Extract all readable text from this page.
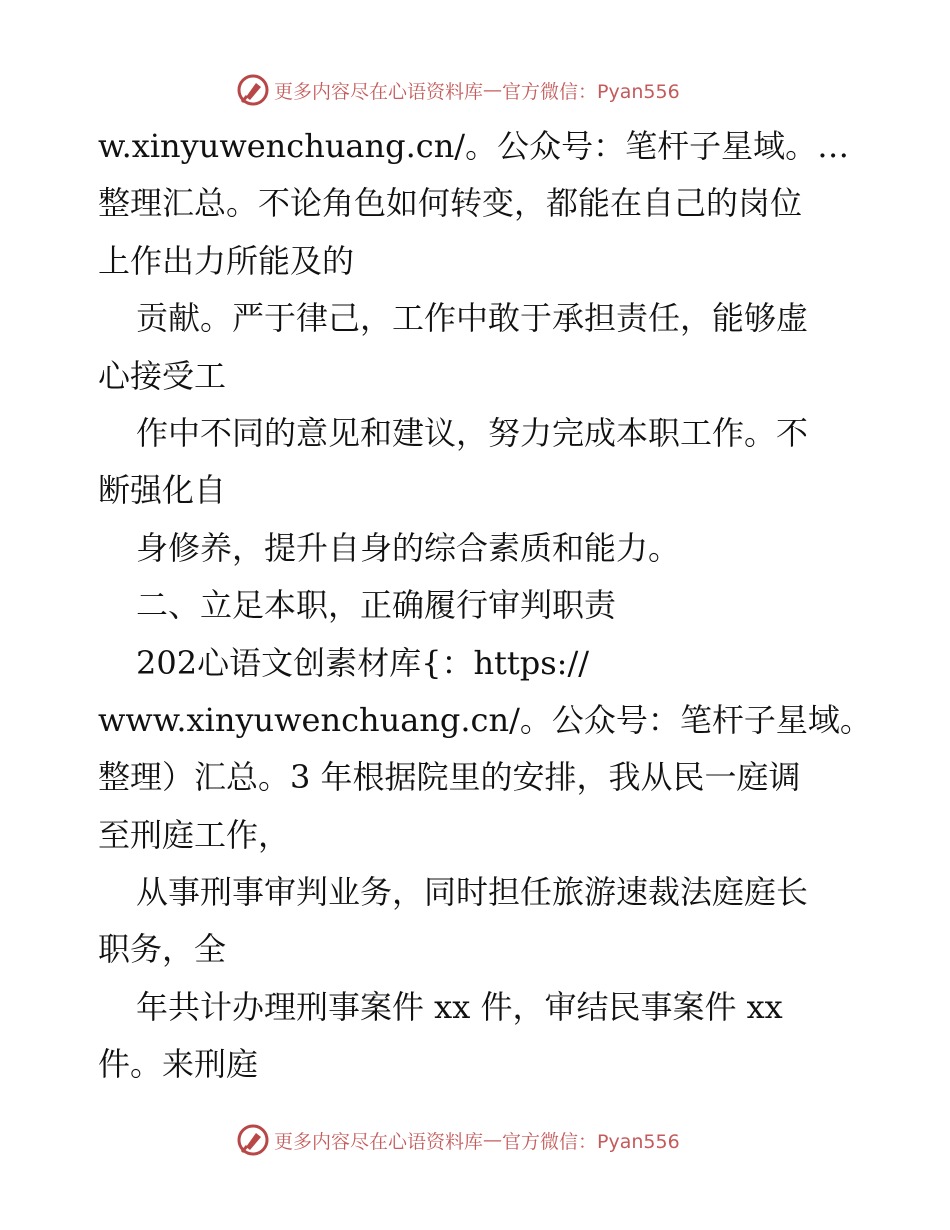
更多内容尽在心语资料库 — 官方微信：Pyan556
w.xinyuwenchuang.cn/。公众号：笔杆子星域。…
整理汇总。不论角色如何转变，都能在自己的岗位
上作出力所能及的
贡献。严于律己，工作中敢于承担责任，能够虚
心接受工
作中不同的意见和建议，努力完成本职工作。不
断强化自
身修养，提升自身的综合素质和能力。
二、立足本职，正确履行审判职责
202心语文创素材库{：https://
www.xinyuwenchuang.cn/。公众号：笔杆子星域。
整理）汇总。3 年根据院里的安排，我从民一庭调
至刑庭工作，
从事刑事审判业务，同时担任旅游速裁法庭庭长
职务，全
年共计办理刑事案件 xx 件，审结民事案件 xx
件。来刑庭
更多内容尽在心语资料库 — 官方微信：Pyan556
